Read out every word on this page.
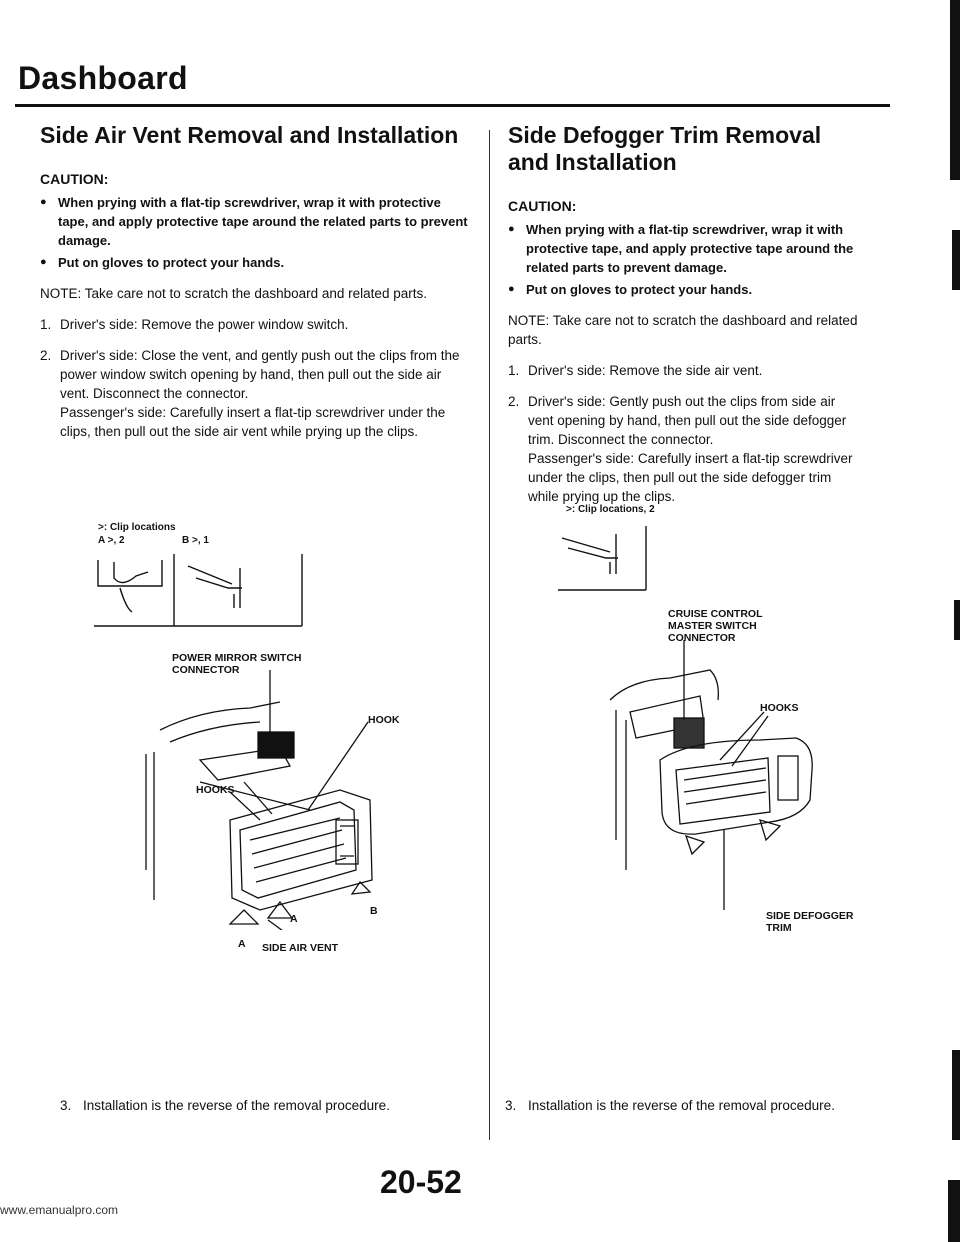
Dashboard
Side Air Vent Removal and Installation
CAUTION:
● When prying with a flat-tip screwdriver, wrap it with protective tape, and apply protective tape around the related parts to prevent damage.
● Put on gloves to protect your hands.
NOTE: Take care not to scratch the dashboard and related parts.
1. Driver's side: Remove the power window switch.

2. Driver's side: Close the vent, and gently push out the clips from the power window switch opening by hand, then pull out the side air vent. Disconnect the connector.

Passenger's side: Carefully insert a flat-tip screwdriver under the clips, then pull out the side air vent while prying up the clips.

>: Clip locations
A >, 2	B >, 1
POWER MIRROR SWITCH CONNECTOR
HOOK
HOOKS
SIDE AIR VENT
A
A
B
3. Installation is the reverse of the removal procedure.
Side Defogger Trim Removal and Installation
CAUTION:
● When prying with a flat-tip screwdriver, wrap it with protective tape, and apply protective tape around the related parts to prevent damage.
● Put on gloves to protect your hands.
NOTE: Take care not to scratch the dashboard and related parts.
1. Driver's side: Remove the side air vent.

2. Driver's side: Gently push out the clips from side air vent opening by hand, then pull out the side defogger trim. Disconnect the connector.

Passenger's side: Carefully insert a flat-tip screwdriver under the clips, then pull out the side defogger trim while prying up the clips.

>: Clip locations, 2
CRUISE CONTROL MASTER SWITCH CONNECTOR
HOOKS
SIDE DEFOGGER TRIM
3. Installation is the reverse of the removal procedure.
20-52
www.emanualpro.com
